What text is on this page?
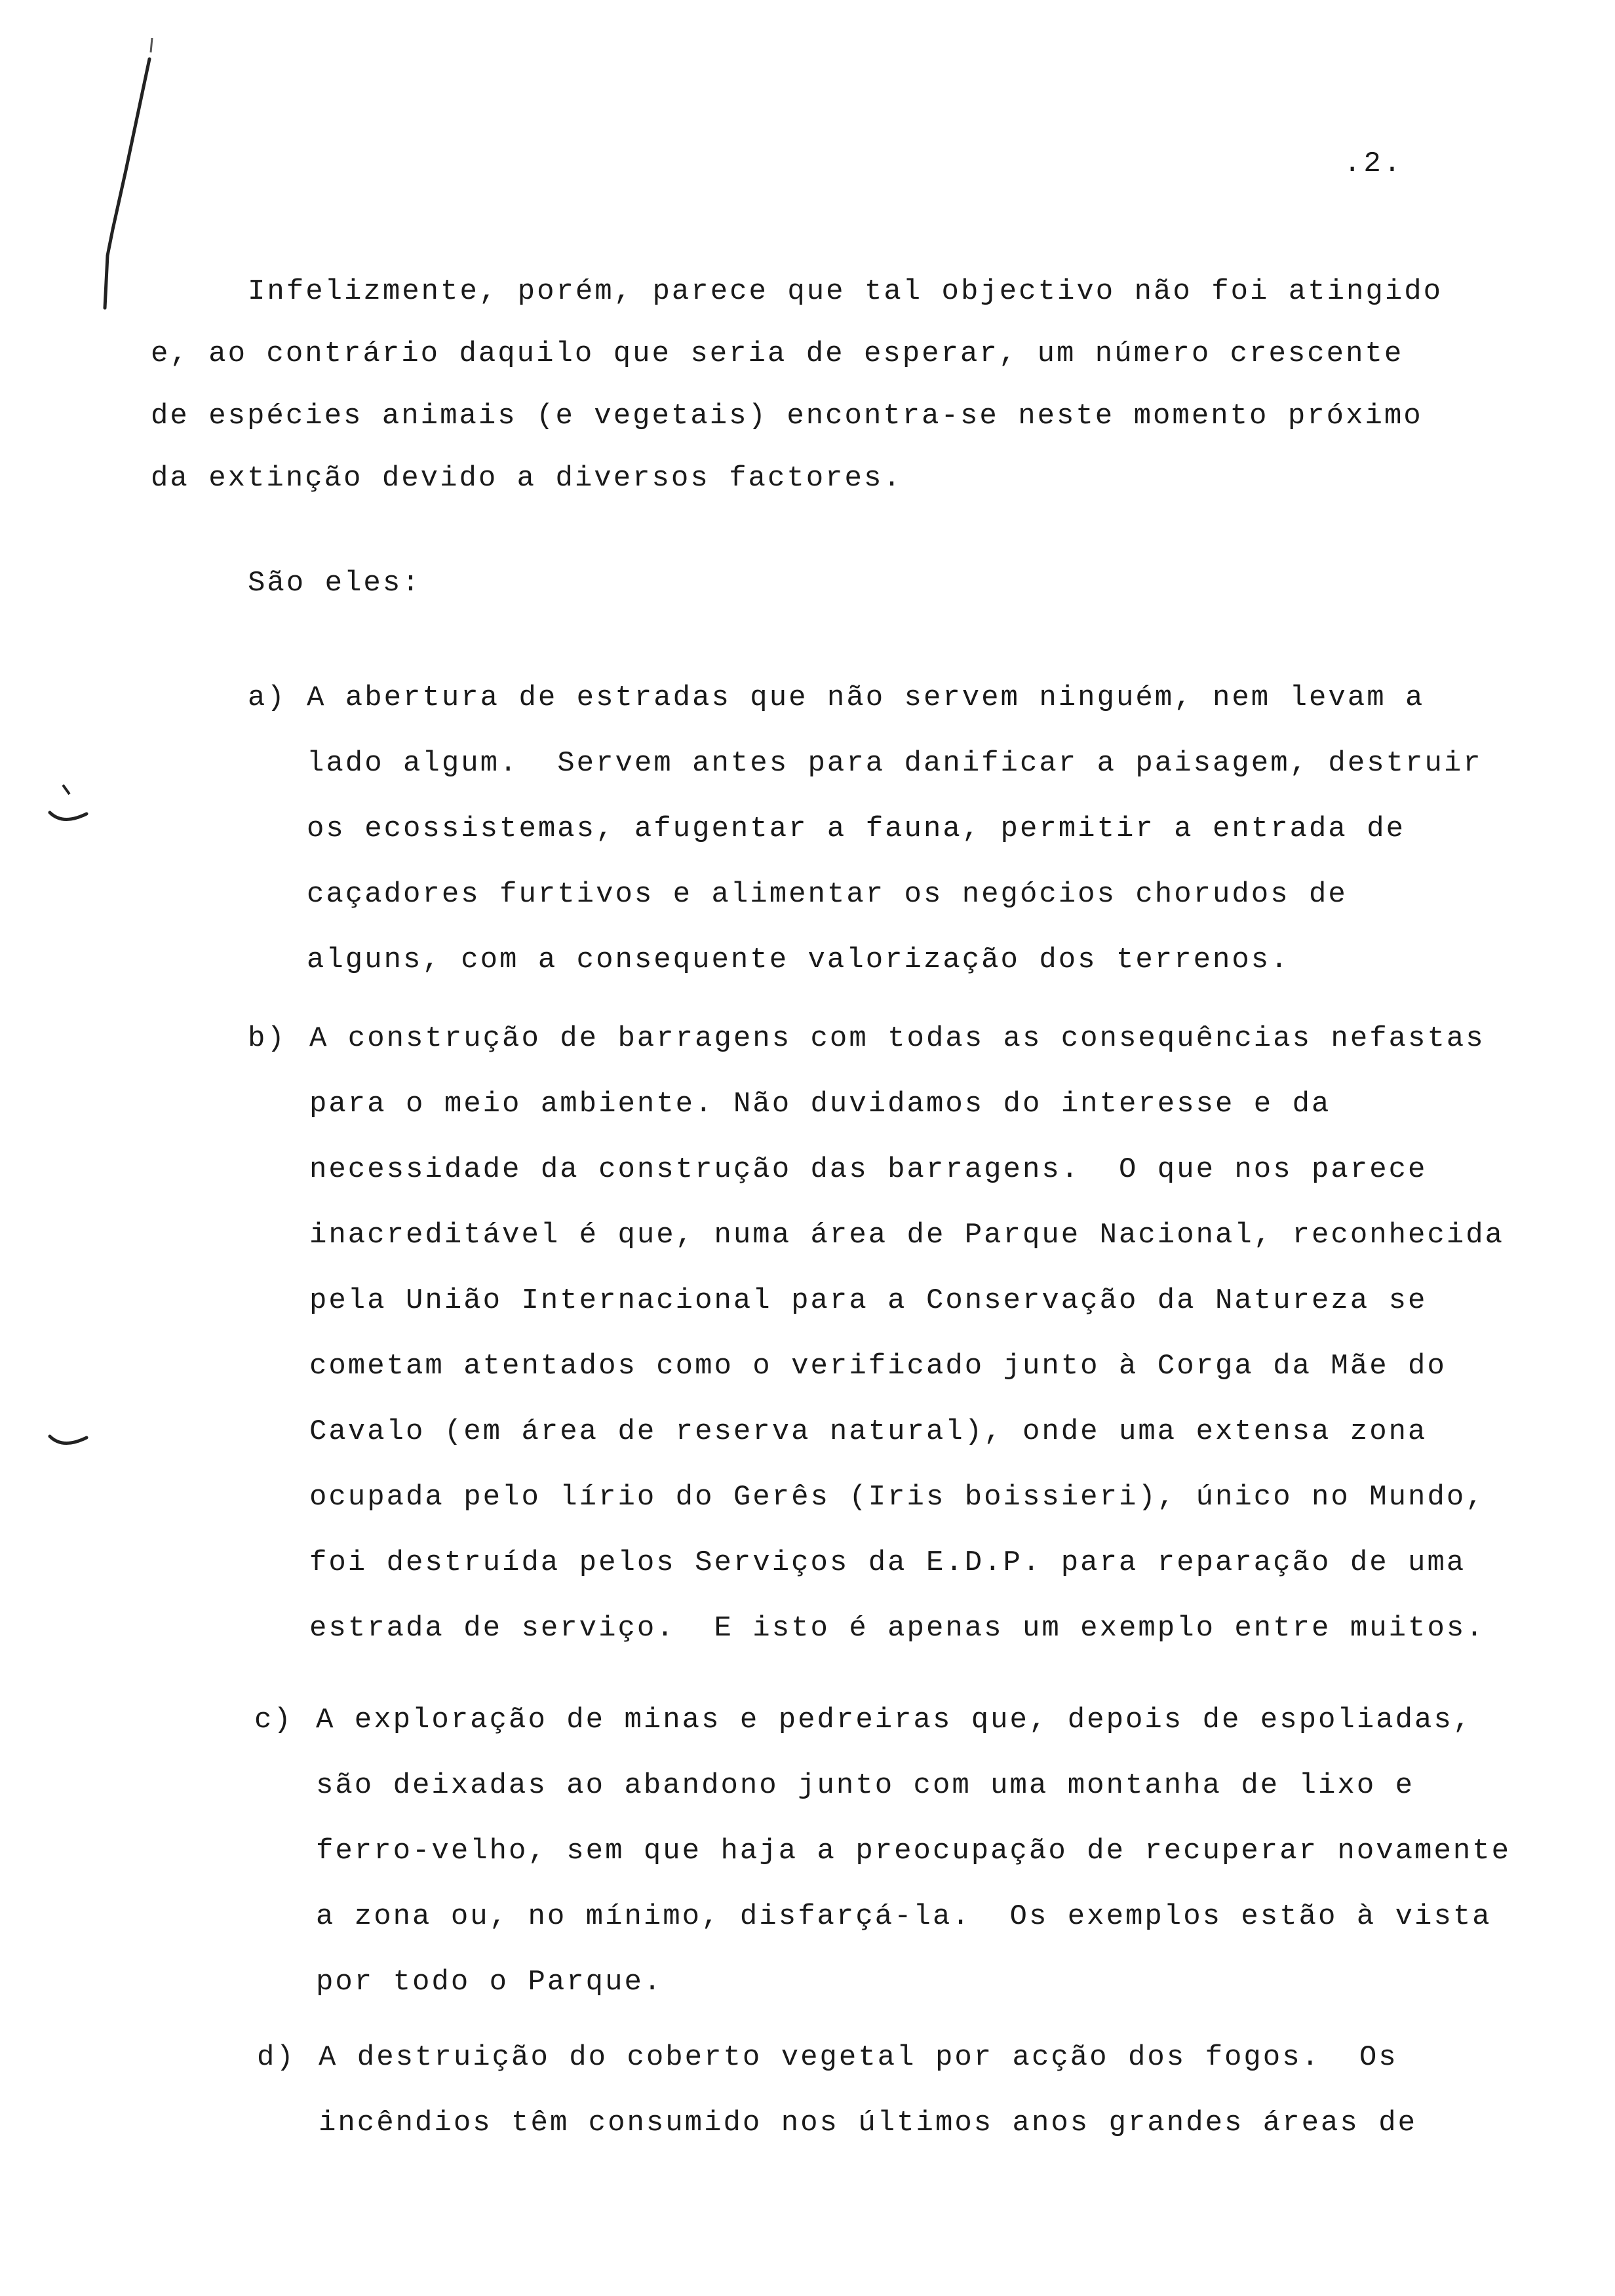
.2.
Infelizmente, porém, parece que tal objectivo não foi atingido
e, ao contrário daquilo que seria de esperar, um número crescente
de espécies animais (e vegetais) encontra-se neste momento próximo
da extinção devido a diversos factores.
São eles:
a) A abertura de estradas que não servem ninguém, nem levam a
lado algum.  Servem antes para danificar a paisagem, destruir
os ecossistemas, afugentar a fauna, permitir a entrada de
caçadores furtivos e alimentar os negócios chorudos de
alguns, com a consequente valorização dos terrenos.
b) A construção de barragens com todas as consequências nefastas
para o meio ambiente. Não duvidamos do interesse e da
necessidade da construção das barragens.  O que nos parece
inacreditável é que, numa área de Parque Nacional, reconhecida
pela União Internacional para a Conservação da Natureza se
cometam atentados como o verificado junto à Corga da Mãe do
Cavalo (em área de reserva natural), onde uma extensa zona
ocupada pelo lírio do Gerês (Iris boissieri), único no Mundo,
foi destruída pelos Serviços da E.D.P. para reparação de uma
estrada de serviço.  E isto é apenas um exemplo entre muitos.
c) A exploração de minas e pedreiras que, depois de espoliadas,
são deixadas ao abandono junto com uma montanha de lixo e
ferro-velho, sem que haja a preocupação de recuperar novamente
a zona ou, no mínimo, disfarçá-la.  Os exemplos estão à vista
por todo o Parque.
d) A destruição do coberto vegetal por acção dos fogos.  Os
incêndios têm consumido nos últimos anos grandes áreas de
